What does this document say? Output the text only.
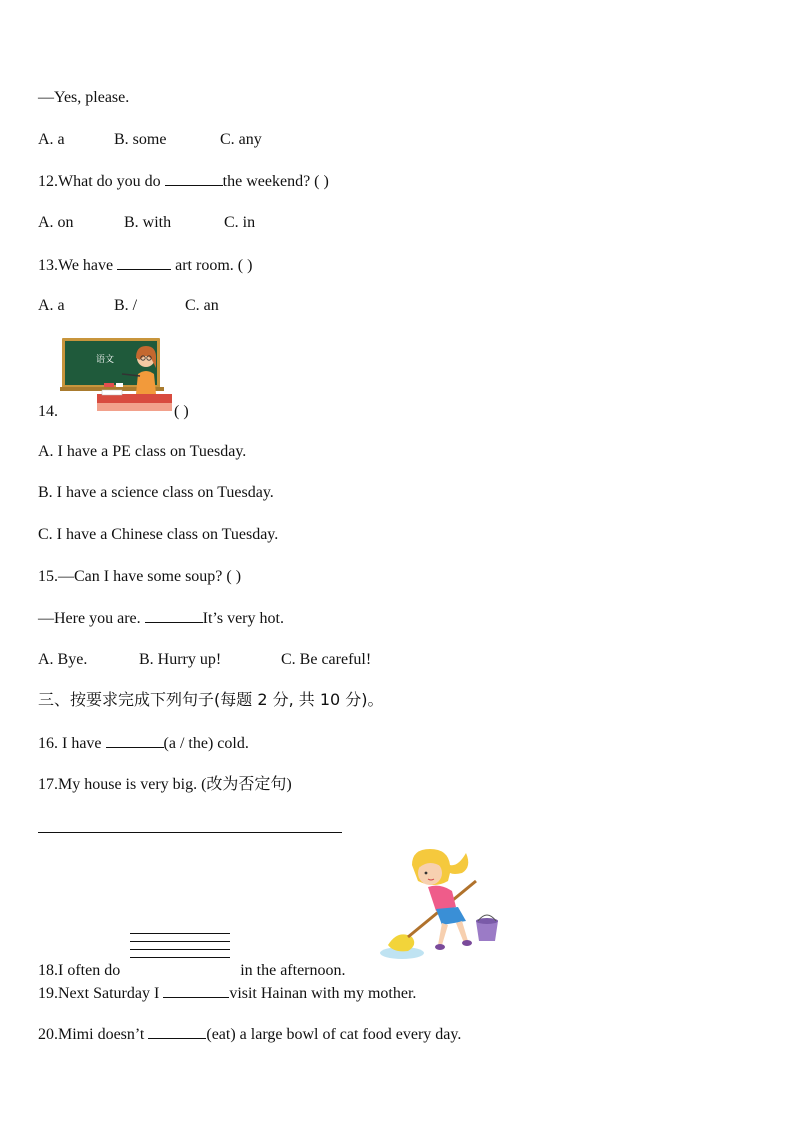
—Yes, please.
A. a	B. some	C. any
12.What do you do	the weekend? ( )
A. on	B. with	C. in
13.We have	art room. ( )
A. a	B. /	C. an
语文
14.	( )
A. I have a PE class on Tuesday.
B. I have a science class on Tuesday.
C. I have a Chinese class on Tuesday.
15.—Can I have some soup? ( )
—Here you are.	It’s very hot.
A. Bye.	B. Hurry up!	C. Be careful!
三、按要求完成下列句子(每题 2 分, 共 10 分)。
16. I have	(a / the) cold.
17.My house is very big. (改为否定句)
18.I often do	in the afternoon.
19.Next Saturday I	visit Hainan with my mother.
20.Mimi doesn’t	(eat) a large bowl of cat food every day.
